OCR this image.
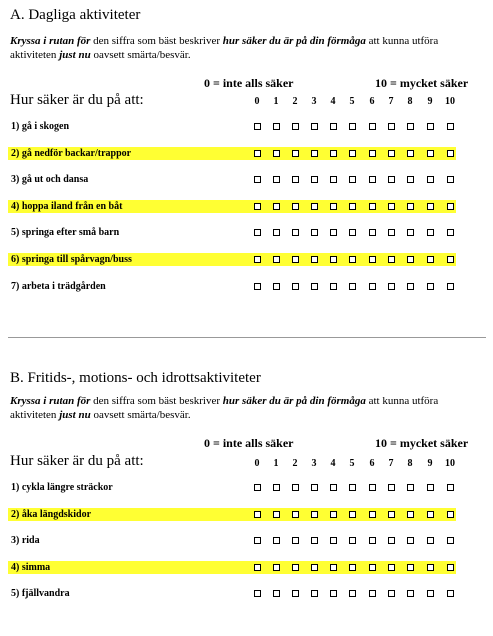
A. Dagliga aktiviteter
Kryssa i rutan för den siffra som bäst beskriver hur säker du är på din förmåga att kunna utföra aktiviteten just nu oavsett smärta/besvär.
0 = inte alls säker	10 = mycket säker
Hur säker är du på att:	0	1	2	3	4	5	6	7	8	9	10
1) gå i skogen
2) gå nedför backar/trappor
3) gå ut och dansa
4) hoppa iland från en båt
5) springa efter små barn
6) springa till spårvagn/buss
7) arbeta i trädgården
B. Fritids-, motions- och idrottsaktiviteter
Kryssa i rutan för den siffra som bäst beskriver hur säker du är på din förmåga att kunna utföra aktiviteten just nu oavsett smärta/besvär.
0 = inte alls säker	10 = mycket säker
Hur säker är du på att:	0	1	2	3	4	5	6	7	8	9	10
1) cykla längre sträckor
2) åka längdskidor
3) rida
4) simma
5) fjällvandra
